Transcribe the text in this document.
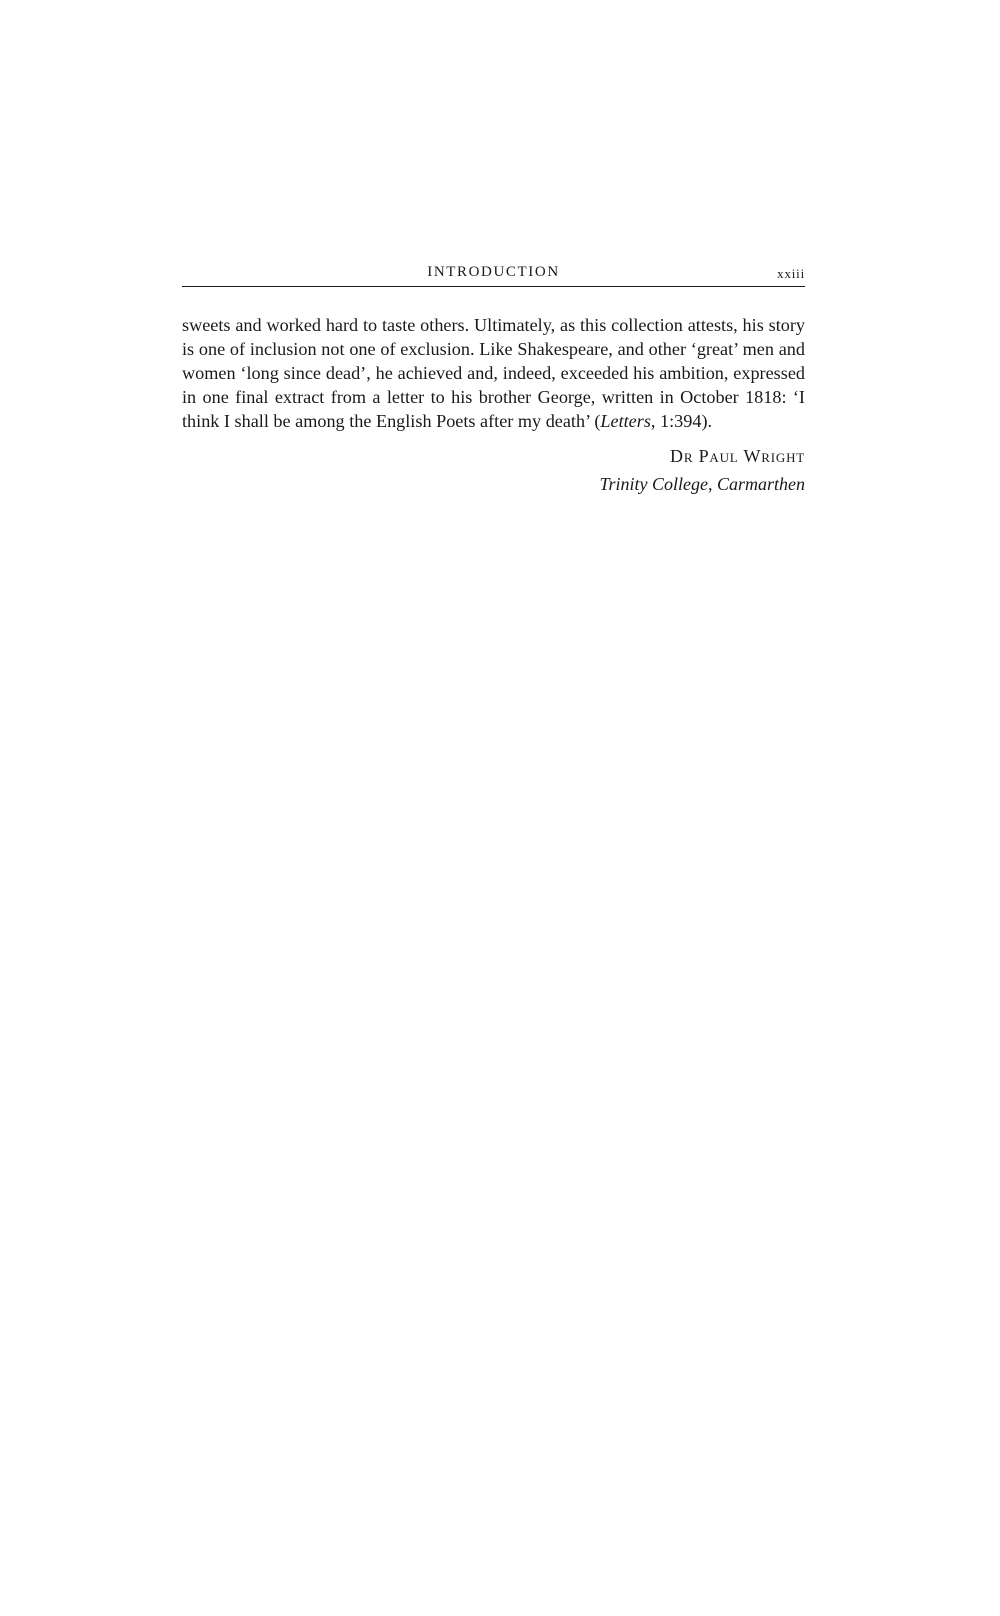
INTRODUCTION	xxiii

sweets and worked hard to taste others. Ultimately, as this collection attests, his story is one of inclusion not one of exclusion. Like Shakespeare, and other ‘great’ men and women ‘long since dead’, he achieved and, indeed, exceeded his ambition, expressed in one final extract from a letter to his brother George, written in October 1818: ‘I think I shall be among the English Poets after my death’ (Letters, 1:394).

Dr Paul Wright
Trinity College, Carmarthen
